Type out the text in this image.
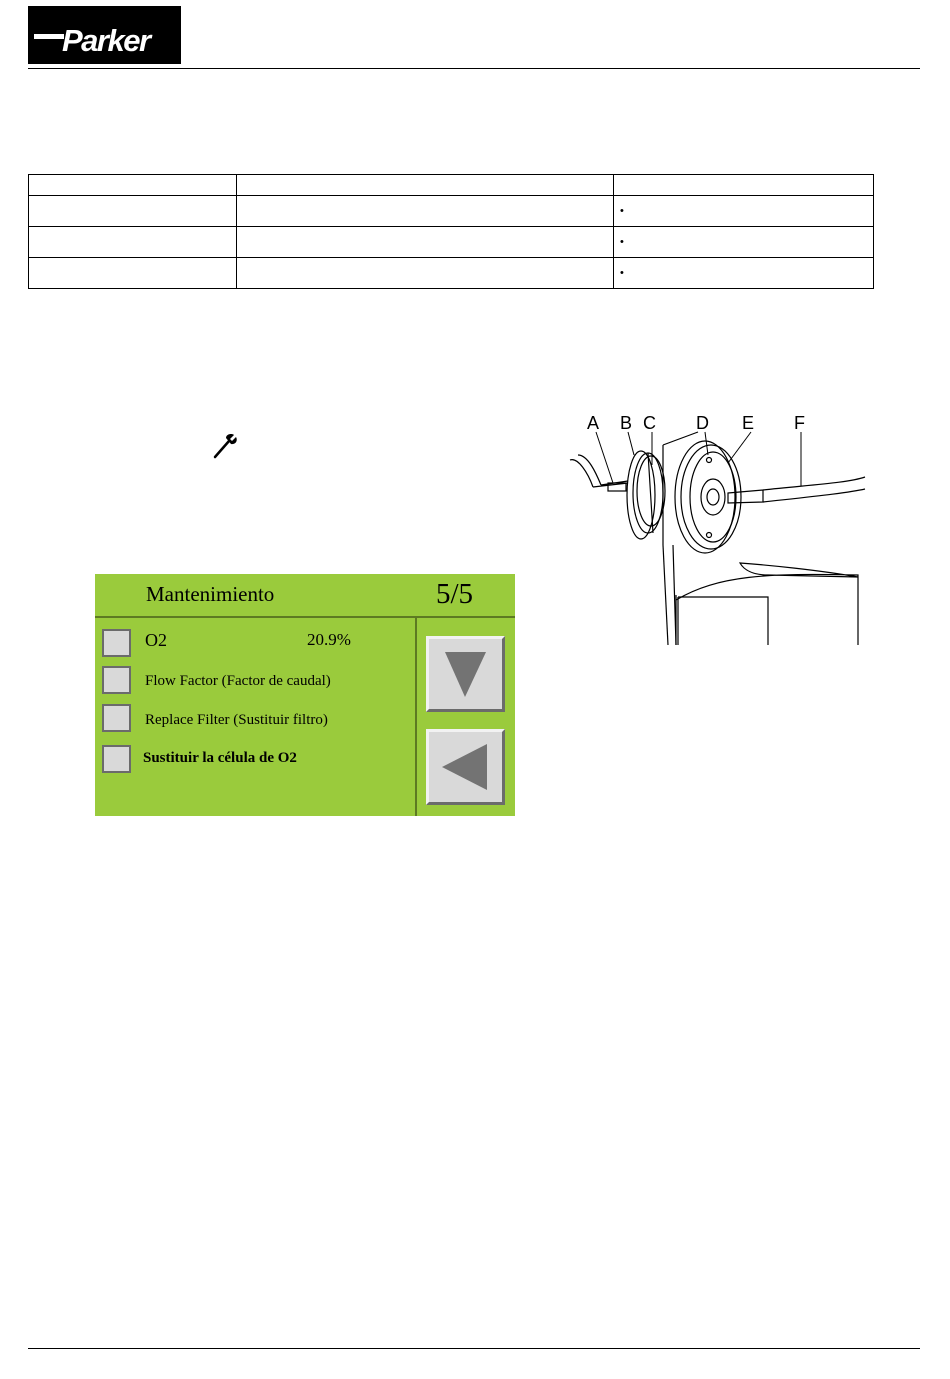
Parker

		•
		•
		•
Mantenimiento	5/5
O2	20.9%
Flow Factor (Factor de caudal)
Replace Filter (Sustituir filtro)
Sustituir la célula de O2
A B C D E F
